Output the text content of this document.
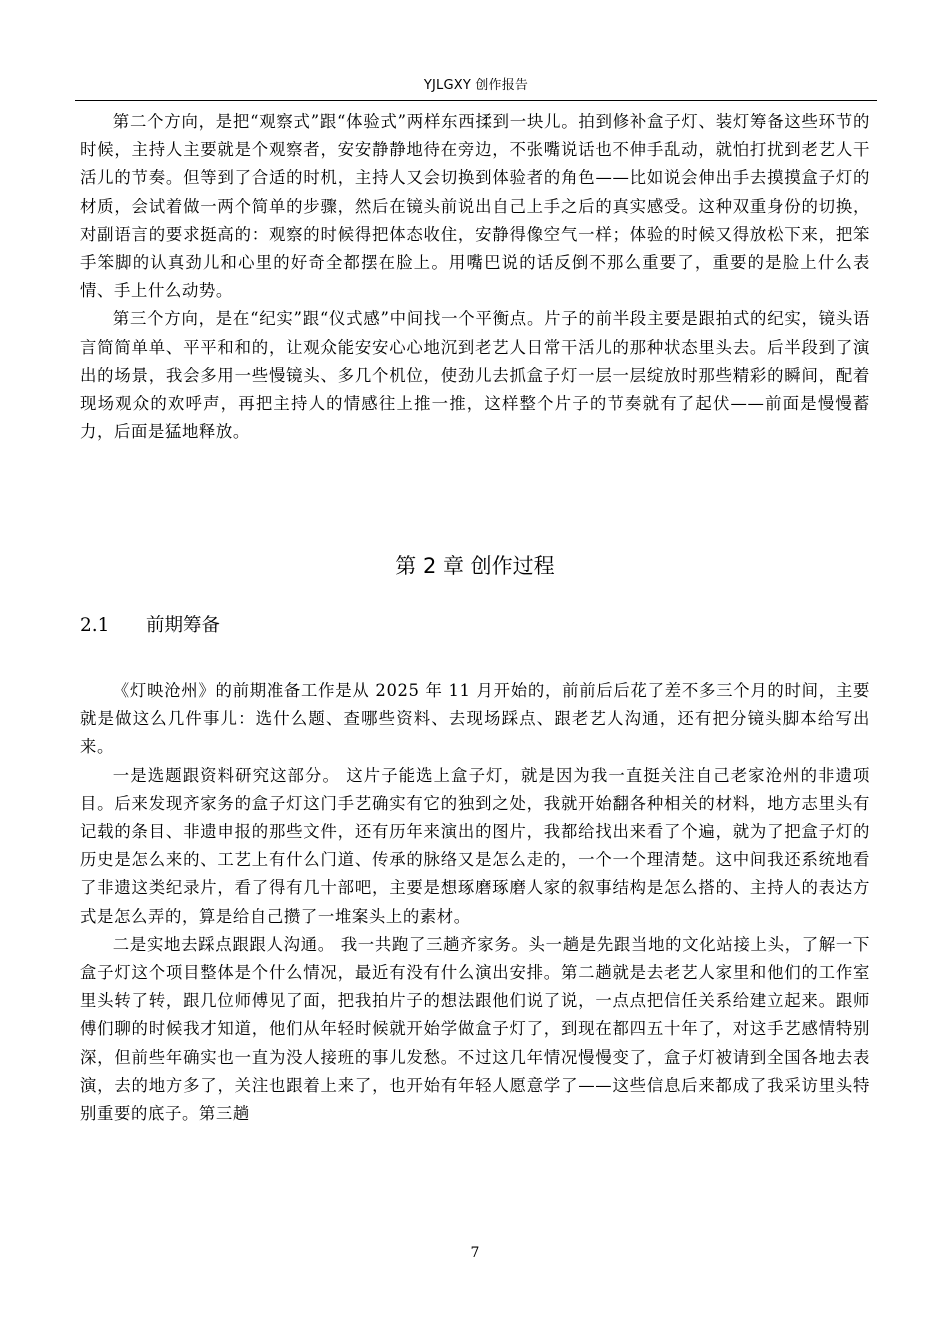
YJLGXY 创作报告

第二个方向，是把“观察式”跟“体验式”两样东西揉到一块儿。拍到修补盒子灯、装灯筹备这些环节的时候，主持人主要就是个观察者，安安静静地待在旁边，不张嘴说话也不伸手乱动，就怕打扰到老艺人干活儿的节奏。但等到了合适的时机，主持人又会切换到体验者的角色——比如说会伸出手去摸摸盒子灯的材质，会试着做一两个简单的步骤，然后在镜头前说出自己上手之后的真实感受。这种双重身份的切换，对副语言的要求挺高的：观察的时候得把体态收住，安静得像空气一样；体验的时候又得放松下来，把笨手笨脚的认真劲儿和心里的好奇全都摆在脸上。用嘴巴说的话反倒不那么重要了，重要的是脸上什么表情、手上什么动势。

第三个方向，是在“纪实”跟“仪式感”中间找一个平衡点。片子的前半段主要是跟拍式的纪实，镜头语言简简单单、平平和和的，让观众能安安心心地沉到老艺人日常干活儿的那种状态里头去。后半段到了演出的场景，我会多用一些慢镜头、多几个机位，使劲儿去抓盒子灯一层一层绽放时那些精彩的瞬间，配着现场观众的欢呼声，再把主持人的情感往上推一推，这样整个片子的节奏就有了起伏——前面是慢慢蓄力，后面是猛地释放。

第 2 章 创作过程
2.1 前期筹备

《灯映沧州》的前期准备工作是从 2025 年 11 月开始的，前前后后花了差不多三个月的时间，主要就是做这么几件事儿：选什么题、查哪些资料、去现场踩点、跟老艺人沟通，还有把分镜头脚本给写出来。

一是选题跟资料研究这部分。 这片子能选上盒子灯，就是因为我一直挺关注自己老家沧州的非遗项目。后来发现齐家务的盒子灯这门手艺确实有它的独到之处，我就开始翻各种相关的材料，地方志里头有记载的条目、非遗申报的那些文件，还有历年来演出的图片，我都给找出来看了个遍，就为了把盒子灯的历史是怎么来的、工艺上有什么门道、传承的脉络又是怎么走的，一个一个理清楚。这中间我还系统地看了非遗这类纪录片，看了得有几十部吧，主要是想琢磨琢磨人家的叙事结构是怎么搭的、主持人的表达方式是怎么弄的，算是给自己攒了一堆案头上的素材。

二是实地去踩点跟跟人沟通。 我一共跑了三趟齐家务。头一趟是先跟当地的文化站接上头，了解一下盒子灯这个项目整体是个什么情况，最近有没有什么演出安排。第二趟就是去老艺人家里和他们的工作室里头转了转，跟几位师傅见了面，把我拍片子的想法跟他们说了说，一点点把信任关系给建立起来。跟师傅们聊的时候我才知道，他们从年轻时候就开始学做盒子灯了，到现在都四五十年了，对这手艺感情特别深，但前些年确实也一直为没人接班的事儿发愁。不过这几年情况慢慢变了，盒子灯被请到全国各地去表演，去的地方多了，关注也跟着上来了，也开始有年轻人愿意学了——这些信息后来都成了我采访里头特别重要的底子。第三趟

7
